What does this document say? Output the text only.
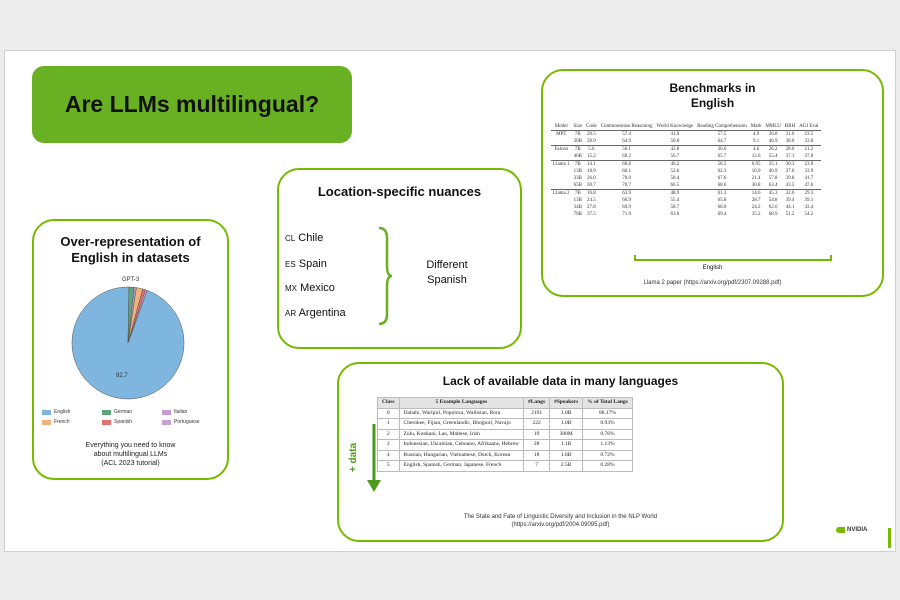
Are LLMs multilingual?
Over-representation of
English in datasets
GPT-3
92.7
English	German	Italian
French	Spanish	Portuguese
Everything you need to know
about multilingual LLMs
(ACL 2023 tutorial)
Location-specific nuances
CL Chile
ES Spain
MX Mexico
AR Argentina
Different
Spanish
Benchmarks in
English
Model	Size	Code	Commonsense Reasoning	World Knowledge	Reading Comprehension	Math	MMLU	BBH	AGI Eval
MPT	7B	20.5	57.4	41.0	57.5	4.9	26.8	31.0	23.5
	30B	28.9	64.9	50.0	64.7	9.1	46.9	38.0	33.8
Falcon	7B	5.6	56.1	42.8	36.0	4.6	26.2	28.0	21.2
	40B	15.2	69.2	56.7	65.7	12.6	55.4	37.1	37.0
Llama 1	7B	14.1	60.8	46.2	58.5	6.95	35.1	30.3	23.9
	13B	18.9	66.1	52.6	62.3	10.9	46.9	37.0	33.9
	33B	26.0	70.0	58.4	67.6	21.4	57.8	39.8	41.7
	65B	30.7	70.7	60.5	68.6	30.8	63.4	43.5	47.6
Llama 2	7B	16.8	63.9	48.9	61.3	14.6	45.3	32.6	29.3
	13B	24.5	66.9	55.4	65.8	28.7	54.8	39.4	39.1
	34B	27.8	69.9	58.7	68.0	24.2	62.6	44.1	43.4
	70B	37.5	71.9	63.6	69.4	35.2	68.9	51.2	54.2
English
Llama 2 paper (https://arxiv.org/pdf/2307.09288.pdf)
Lack of available data in many languages
+ data
Class	5 Example Languages	#Langs	#Speakers	% of Total Langs
0	Dahalo, Warlpiri, Popoloca, Wallisian, Bora	2191	1.0B	88.17%
1	Cherokee, Fijian, Greenlandic, Bhojpuri, Navajo	222	1.0B	8.93%
2	Zulu, Konkani, Lao, Maltese, Irish	19	300M	0.76%
3	Indonesian, Ukrainian, Cebuano, Afrikaans, Hebrew	28	1.1B	1.13%
4	Russian, Hungarian, Vietnamese, Dutch, Korean	18	1.6B	0.72%
5	English, Spanish, German, Japanese, French	7	2.5B	0.28%
The State and Fate of Linguistic Diversity and Inclusion in the NLP World
(https://arxiv.org/pdf/2004.09095.pdf)
NVIDIA
